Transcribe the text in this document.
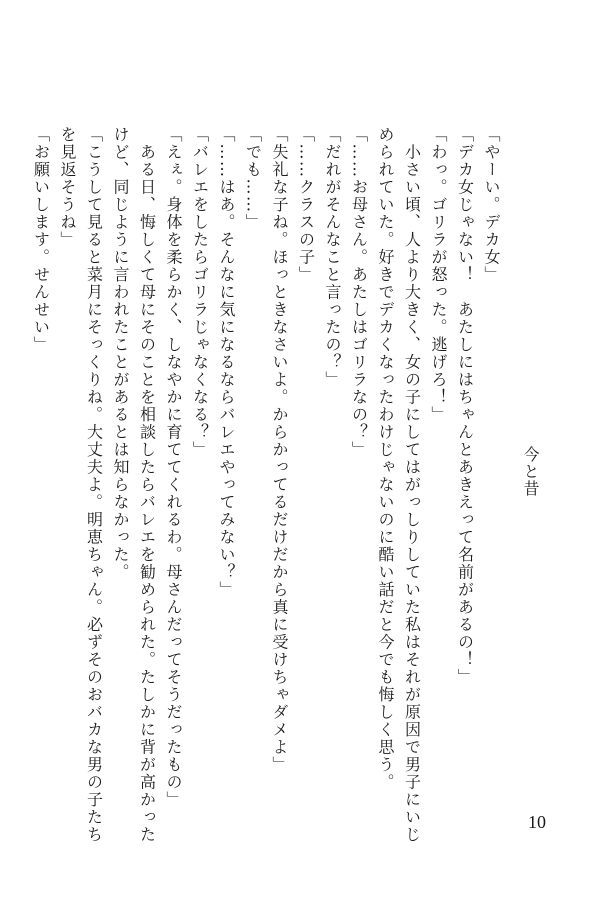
「やーい。デカ女」

「デカ女じゃない！　あたしにはちゃんとあきえって名前があるの！」

「わっ。ゴリラが怒った。逃げろ！」

　小さい頃、人より大きく、女の子にしてはがっしりしていた私はそれが原因で男子にいじめられていた。好きでデカくなったわけじゃないのに酷い話だと今でも悔しく思う。

「……お母さん。あたしはゴリラなの？」

「だれがそんなこと言ったの？」

「……クラスの子」

「失礼な子ね。ほっときなさいよ。からかってるだけだから真に受けちゃダメよ」

「でも……」

「……はあ。そんなに気になるならバレエやってみない？」

「バレエをしたらゴリラじゃなくなる？」

「えぇ。身体を柔らかく、しなやかに育ててくれるわ。母さんだってそうだったもの」

　ある日、悔しくて母にそのことを相談したらバレエを勧められた。たしかに背が高かったけど、同じように言われたことがあるとは知らなかった。

「こうして見ると菜月にそっくりね。大丈夫よ。明恵ちゃん。必ずそのおバカな男の子たちを見返そうね」

「お願いします。せんせい」

今と昔
10
